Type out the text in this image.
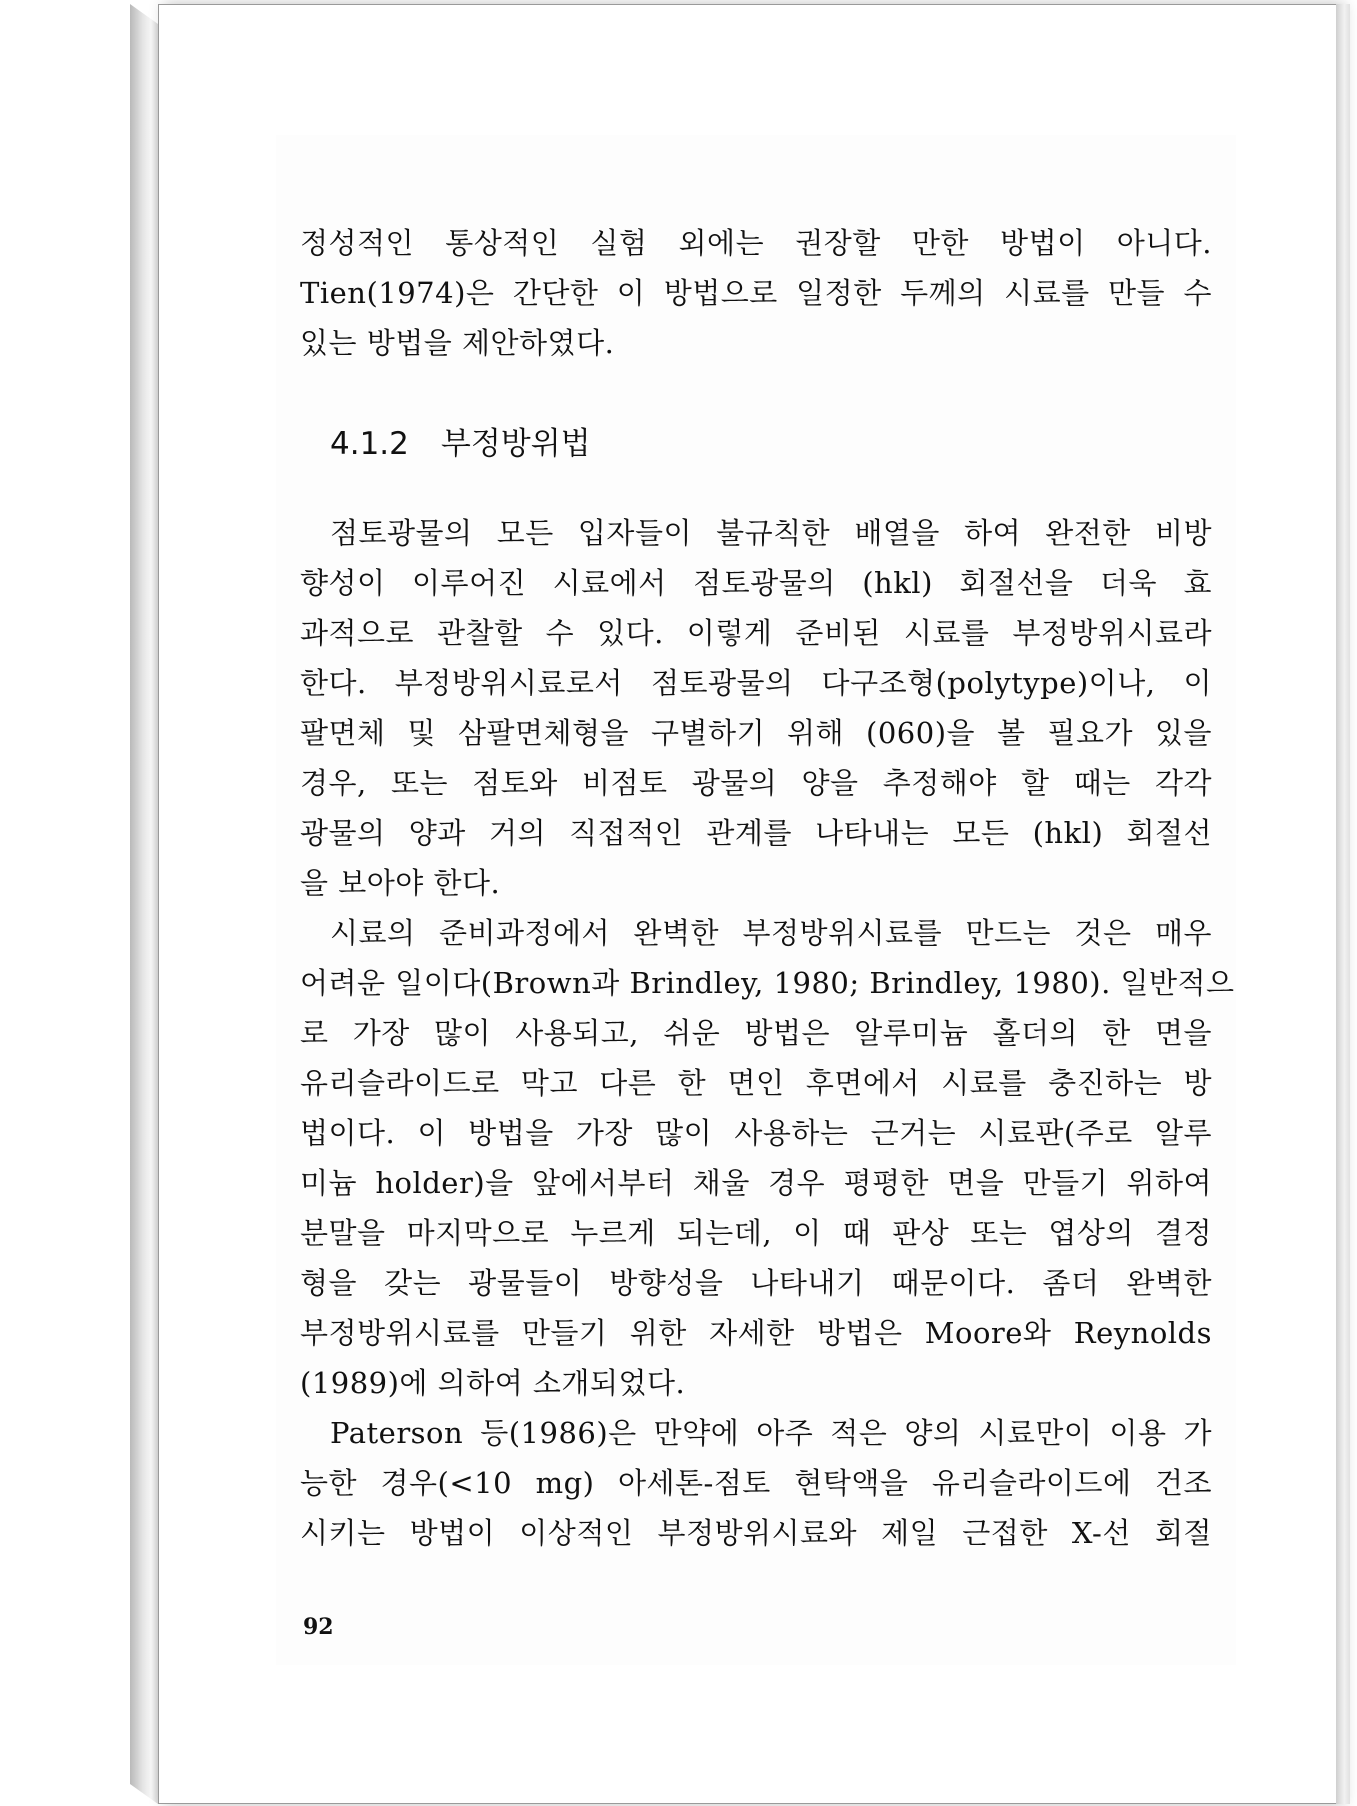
정성적인 통상적인 실험 외에는 권장할 만한 방법이 아니다.
Tien(1974)은 간단한 이 방법으로 일정한 두께의 시료를 만들 수
있는 방법을 제안하였다.
4.1.2 부정방위법
점토광물의 모든 입자들이 불규칙한 배열을 하여 완전한 비방
향성이 이루어진 시료에서 점토광물의 (hkl) 회절선을 더욱 효
과적으로 관찰할 수 있다. 이렇게 준비된 시료를 부정방위시료라
한다. 부정방위시료로서 점토광물의 다구조형(polytype)이나, 이
팔면체 및 삼팔면체형을 구별하기 위해 (060)을 볼 필요가 있을
경우, 또는 점토와 비점토 광물의 양을 추정해야 할 때는 각각
광물의 양과 거의 직접적인 관계를 나타내는 모든 (hkl) 회절선
을 보아야 한다.
시료의 준비과정에서 완벽한 부정방위시료를 만드는 것은 매우
어려운 일이다(Brown과 Brindley, 1980; Brindley, 1980). 일반적으
로 가장 많이 사용되고, 쉬운 방법은 알루미늄 홀더의 한 면을
유리슬라이드로 막고 다른 한 면인 후면에서 시료를 충진하는 방
법이다. 이 방법을 가장 많이 사용하는 근거는 시료판(주로 알루
미늄 holder)을 앞에서부터 채울 경우 평평한 면을 만들기 위하여
분말을 마지막으로 누르게 되는데, 이 때 판상 또는 엽상의 결정
형을 갖는 광물들이 방향성을 나타내기 때문이다. 좀더 완벽한
부정방위시료를 만들기 위한 자세한 방법은 Moore와 Reynolds
(1989)에 의하여 소개되었다.
Paterson 등(1986)은 만약에 아주 적은 양의 시료만이 이용 가
능한 경우(<10 mg) 아세톤-점토 현탁액을 유리슬라이드에 건조
시키는 방법이 이상적인 부정방위시료와 제일 근접한 X-선 회절
92
